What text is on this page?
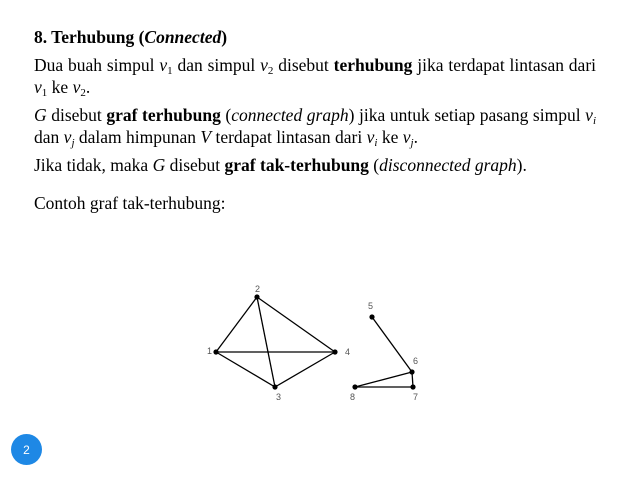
8. Terhubung (Connected)

Dua buah simpul $v_1$ dan simpul $v_2$ disebut terhubung jika terdapat lintasan dari $v_1$ ke $v_2$.

G disebut graf terhubung (connected graph) jika untuk setiap pasang simpul $v_i$ dan $v_j$ dalam himpunan V terdapat lintasan dari $v_i$ ke $v_j$.

Jika tidak, maka G disebut graf tak-terhubung (disconnected graph).

Contoh graf tak-terhubung:

1
2
3
4
5
6
7
8
2
